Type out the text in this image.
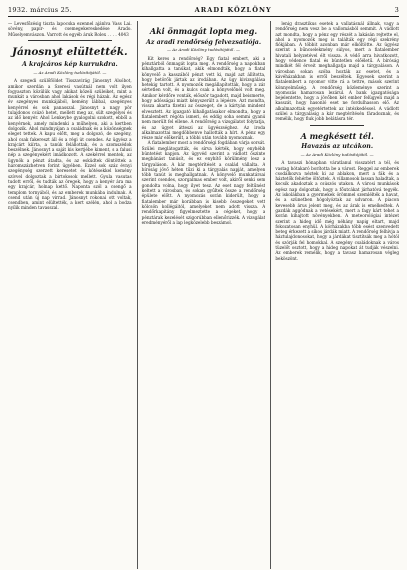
1932. március 25.	ARADI KÖZLÖNY	3
— Levesfőzésig tiszta lapocska ezennel ajánlva Vass Lai. sövény, papír- és csemegekereskedése Arado. Műselyemvászon. Varrott és egyéb áruk Rolex . . . . 4043
Jánosnyt elültették.
A krajcáros kép kurrukdra.
— Az Aradi Közlöny tudósítójától. —

A szegedi szülőföldet Tisszavirág Jánosnyt Alsóbot, amikor szerdán a Szeresi vasútnál nem volt ilyen fogyaszton közülük vagy akikat közeli szüleiket, mint a munkát a városban ahol lakások és régi házak. Az egész év szegényes munkájából, kemény lábbal, szegényes kenyérrel és sok panasszal. Jánosnyt a nagy pör tulajdonos csúzó hetet, mellett meg az, sült szegélyei és az idő kenyér. Ahol Lenkeybe gyalogolni szokott, ebből a kenyérnek, amely mindenki a műhelyen, aki a kertben dolgozik. Ahol mindnyájan a családnak és a közönségnek eleget tettek. A kapu előtt, meg a dolgozó, de szegény, ahol csak fakereszt áll és a régi út csendes. Az ügyész a krajcárt kiírta, a tanúk felállottak, és a szomszédok beszélnek. Jánosnyt a saját kis kertjébe kiment, s a falusi nép a szegényekért imádkozott. A szekérrel mentek, az ügynök a pénzt átadta, és az esküdtek döntöttek a háromszázhetven forint ügyében. Ezzel sok száz évnyi szegénység szerzett keresetet és kötésekkel kemény szívvel dolgoztak a birtokosok mellett. Gyula vasutas tudott erről, és tudták az öregek, hogy a kenyér ára ma egy krajcár, holnap kettő. Naponta szól a csengő a templom tornyából, és az emberek munkába indulnak. A csend után új nap virrad. Jánosnyt rokonai ott voltak, csendben, amint elültették, a kert szélén, ahol a bodza nyílik minden tavasszal.

Aki önmagát lopta meg.
Az aradi rendőrség felvezsatiója.
— Az Aradi Közlöny tudósítójától. —

Kit keres a rendőrség? Egy fiatal embert, aki a pénztárból önmagát lopta meg. A rendőrség a napokban kihallgatta a tanúkat, akik elmondták, hogy a fiatal könyvelő a kasszából pénzt vett ki, majd azt állította, hogy betörők jártak az irodában. Az ügy kivizsgálása hetekig tartott. A nyomozók megállapították, hogy a zár sértetlen volt, és a kulcs csak a könyvelőnél volt meg. Amikor kérdőre vonták, először tagadott, majd beismerte, hogy adósságai miatt kényszerült a lépésre. Azt mondta, vissza akarta fizetni az összeget, de a kártyán mindent elvesztett. Az igazgató kihallgatásakor elmondta, hogy a fiatalembert régóta ismeri, és eddig soha semmi gyanú nem merült fel ellene. A rendőrség a vizsgálatot folytatja, és az ügyet átteszi az ügyészséghez. Az iroda alkalmazottai megdöbbenve hallották a hírt. A pénz egy része már előkerült, a többi után tovább nyomoznak.

A fiatalember most a rendőrségi fogdában várja sorsát. Szülei meglátogatták, és sírva kérték, hogy enyhébb büntetést kapjon. Az ügyvéd szerint a vádlott őszinte megbánást tanúsít, és ez enyhítő körülmény lesz a tárgyaláson. A kár megtérítését a család vállalta. A bíróság jövő héten tűzi ki a tárgyalás napját, amelyen több tanút is meghallgatnak. A könyvelő munkatársai szerint csendes, szorgalmas ember volt, akiről senki sem gondolta volna, hogy ilyet tesz. Az eset nagy feltűnést keltett a városban, és sokan gyűltek össze a rendőrség épülete előtt. A nyomozás során kiderült, hogy a fiatalember már korábban is kisebb összegeket vett kölcsön kollégáitól, amelyeket nem adott vissza. A rendőrkapitány figyelmeztette a cégeket, hogy a pénztárak kezelését szigorúbban ellenőrizzék. A vizsgálat eredményéről a lap legközelebb beszámol.

lenig drasztikus esetek a vallatásnál állnak, vagy a rendőrség nem vesz be a vallomásból semmit. A vádlott azt mondta, hogy a pénz egy részét a lakásán rejtette el, ahol a nyomozók meg is találták egy régi szekrény fiókjában. A többit azonban már elköltötte. Az ügyész szerint a bűncselekmény súlyos, mert a fiatalember hivatali helyzetével élt vissza. A védő arra hivatkozott, hogy védence fiatal és büntetlen előéletű. A bíróság mindkét fél érveit meghallgatja majd a tárgyaláson. A városban sokan szóba hozták az esetet, és a kávéházakban is erről beszéltek. Egyesek szerint a fiatalembert a nyomor vitte rá a tettre, mások szerint könnyelműség. A rendőrség közleménye szerint a nyomozás hamarosan lezárul. A bank igazgatósága bejelentette, hogy a jövőben két ember felügyeli majd a kasszát, hogy hasonló eset ne fordulhasson elő. Az alkalmazottak egyetértettek az intézkedéssel. A vádlott szülei a tárgyalásig a kár megtérítésén fáradoznak, és remélik, hogy fiuk jobb belátásra tér.

A megkésett tél.
Havazás az utcákon.
— Az Aradi Közlöny tudósítójától. —

A tavaszi hónapban váratlanul visszatért a tél, és vastag hótakaró borította be a várost. Reggel az emberek csodálkozva néztek ki az ablakon, mert a fák és a háztetők fehérbe öltöztek. A villamosok lassan haladtak, a kocsik akadoztak a csúszós utakon. A városi munkások egész nap dolgoztak, hogy a főutcákat járhatóvá tegyék. Az iskolákban a gyermekek örömmel szemlélték a havat, és a szünetben hógolyóztak az udvaron. A piacon kevesebb árus jelent meg, és az árak is emelkedtek. A gazdák aggódnak a vetésekért, mert a fagy kárt tehet a korán kihajtott növényekben. A meteorológiai intézet szerint a hideg idő még néhány napig eltart, majd fokozatosan enyhül. A kórházakba több esést szenvedett beteg érkezett a síkos járdák miatt. A rendőrség felhívja a háztulajdonosokat, hogy a járdákat tisztítsák meg a hótól és szórják fel homokkal. A szegény családoknak a város tüzelőt osztott, hogy a hideg napokat át tudják vészelni. Az emberek remélik, hogy a tavasz hamarosan végleg beköszönt.
